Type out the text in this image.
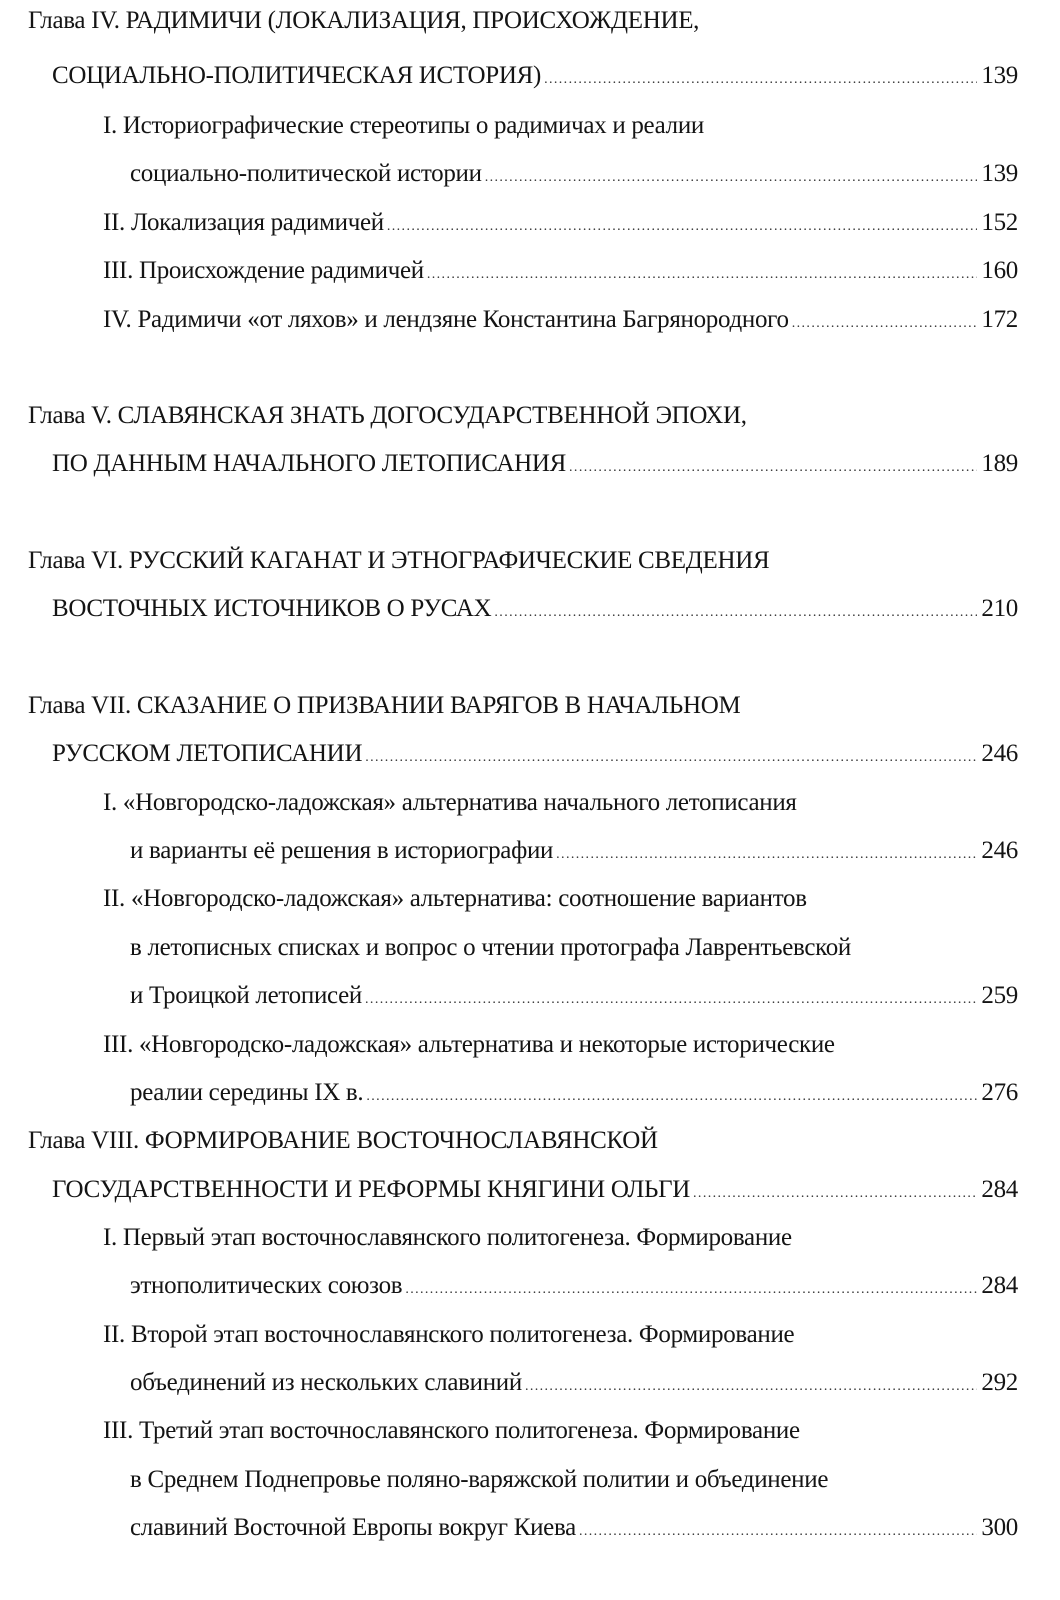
Глава IV. РАДИМИЧИ (ЛОКАЛИЗАЦИЯ, ПРОИСХОЖДЕНИЕ,
СОЦИАЛЬНО-ПОЛИТИЧЕСКАЯ ИСТОРИЯ) .....	139
I. Историографические стереотипы о радимичах и реалии
социально-политической истории .....	139
II. Локализация радимичей .....	152
III. Происхождение радимичей .....	160
IV. Радимичи «от ляхов» и лендзяне Константина Багрянородного .....	172
Глава V. СЛАВЯНСКАЯ ЗНАТЬ ДОГОСУДАРСТВЕННОЙ ЭПОХИ,
ПО ДАННЫМ НАЧАЛЬНОГО ЛЕТОПИСАНИЯ .....	189
Глава VI. РУССКИЙ КАГАНАТ И ЭТНОГРАФИЧЕСКИЕ СВЕДЕНИЯ
ВОСТОЧНЫХ ИСТОЧНИКОВ О РУСАХ .....	210
Глава VII. СКАЗАНИЕ О ПРИЗВАНИИ ВАРЯГОВ В НАЧАЛЬНОМ
РУССКОМ ЛЕТОПИСАНИИ .....	246
I. «Новгородско-ладожская» альтернатива начального летописания
и варианты её решения в историографии .....	246
II. «Новгородско-ладожская» альтернатива: соотношение вариантов
в летописных списках и вопрос о чтении протографа Лаврентьевской
и Троицкой летописей .....	259
III. «Новгородско-ладожская» альтернатива и некоторые исторические
реалии середины IX в. .....	276
Глава VIII. ФОРМИРОВАНИЕ ВОСТОЧНОСЛАВЯНСКОЙ
ГОСУДАРСТВЕННОСТИ И РЕФОРМЫ КНЯГИНИ ОЛЬГИ .....	284
I. Первый этап восточнославянского политогенеза. Формирование
этнополитических союзов .....	284
II. Второй этап восточнославянского политогенеза. Формирование
объединений из нескольких славиний .....	292
III. Третий этап восточнославянского политогенеза. Формирование
в Среднем Поднепровье поляно-варяжской политии и объединение
славиний Восточной Европы вокруг Киева .....	300
